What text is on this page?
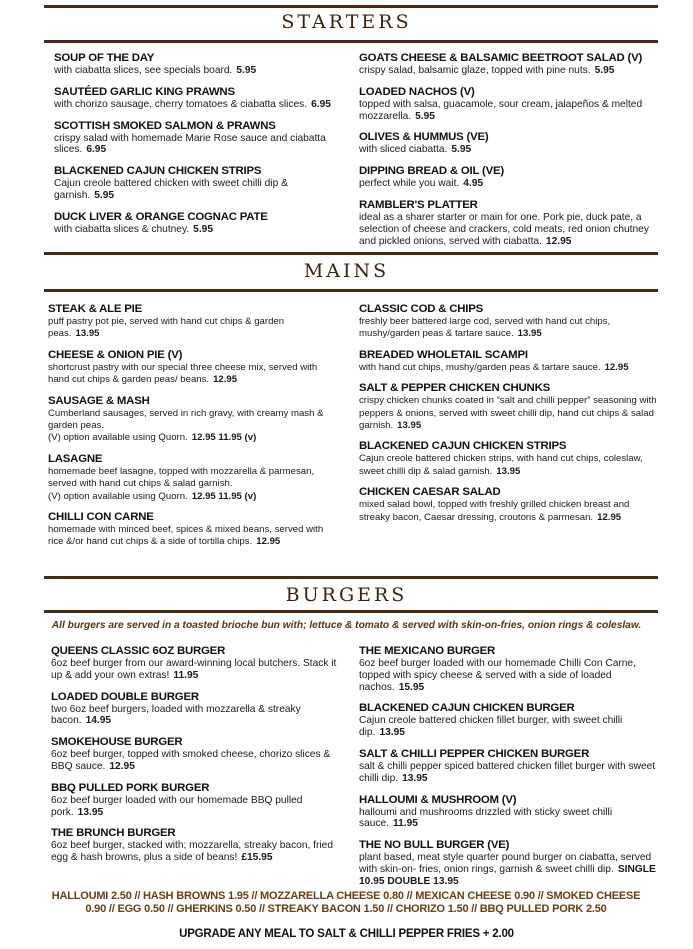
STARTERS
SOUP OF THE DAY
with ciabatta slices, see specials board. 5.95
SAUTÉED GARLIC KING PRAWNS
with chorizo sausage, cherry tomatoes & ciabatta slices. 6.95
SCOTTISH SMOKED SALMON & PRAWNS
crispy salad with homemade Marie Rose sauce and ciabatta slices. 6.95
BLACKENED CAJUN CHICKEN STRIPS
Cajun creole battered chicken with sweet chilli dip & garnish. 5.95
DUCK LIVER & ORANGE COGNAC PATE
with ciabatta slices & chutney. 5.95
GOATS CHEESE & BALSAMIC BEETROOT SALAD (V)
crispy salad, balsamic glaze, topped with pine nuts. 5.95
LOADED NACHOS (V)
topped with salsa, guacamole, sour cream, jalapeños & melted mozzarella. 5.95
OLIVES & HUMMUS (VE)
with sliced ciabatta. 5.95
DIPPING BREAD & OIL (VE)
perfect while you wait. 4.95
RAMBLER'S PLATTER
ideal as a sharer starter or main for one. Pork pie, duck pate, a selection of cheese and crackers, cold meats, red onion chutney and pickled onions, served with ciabatta. 12.95
MAINS
STEAK & ALE PIE
puff pastry pot pie, served with hand cut chips & garden peas. 13.95
CHEESE & ONION PIE (V)
shortcrust pastry with our special three cheese mix, served with hand cut chips & garden peas/ beans. 12.95
SAUSAGE & MASH
Cumberland sausages, served in rich gravy, with creamy mash & garden peas.
(V) option available using Quorn. 12.95 11.95 (v)
LASAGNE
homemade beef lasagne, topped with mozzarella & parmesan, served with hand cut chips & salad garnish.
(V) option available using Quorn. 12.95 11.95 (v)
CHILLI CON CARNE
homemade with minced beef, spices & mixed beans, served with rice &/or hand cut chips & a side of tortilla chips. 12.95
CLASSIC COD & CHIPS
freshly beer battered large cod, served with hand cut chips, mushy/garden peas & tartare sauce. 13.95
BREADED WHOLETAIL SCAMPI
with hand cut chips, mushy/garden peas & tartare sauce. 12.95
SALT & PEPPER CHICKEN CHUNKS
crispy chicken chunks coated in “salt and chilli pepper” seasoning with peppers & onions, served with sweet chilli dip, hand cut chips & salad garnish. 13.95
BLACKENED CAJUN CHICKEN STRIPS
Cajun creole battered chicken strips, with hand cut chips, coleslaw, sweet chilli dip & salad garnish. 13.95
CHICKEN CAESAR SALAD
mixed salad bowl, topped with freshly grilled chicken breast and streaky bacon, Caesar dressing, croutons & parmesan. 12.95
BURGERS
All burgers are served in a toasted brioche bun with; lettuce & tomato & served with skin-on-fries, onion rings & coleslaw.
QUEENS CLASSIC 6OZ BURGER
6oz beef burger from our award-winning local butchers. Stack it up & add your own extras! 11.95
LOADED DOUBLE BURGER
two 6oz beef burgers, loaded with mozzarella & streaky bacon. 14.95
SMOKEHOUSE BURGER
6oz beef burger, topped with smoked cheese, chorizo slices & BBQ sauce. 12.95
BBQ PULLED PORK BURGER
6oz beef burger loaded with our homemade BBQ pulled pork. 13.95
THE BRUNCH BURGER
6oz beef burger, stacked with; mozzarella, streaky bacon, fried egg & hash browns, plus a side of beans! £15.95
THE MEXICANO BURGER
6oz beef burger loaded with our homemade Chilli Con Carne, topped with spicy cheese & served with a side of loaded nachos. 15.95
BLACKENED CAJUN CHICKEN BURGER
Cajun creole battered chicken fillet burger, with sweet chilli dip. 13.95
SALT & CHILLI PEPPER CHICKEN BURGER
salt & chilli pepper spiced battered chicken fillet burger with sweet chilli dip. 13.95
HALLOUMI & MUSHROOM (V)
halloumi and mushrooms drizzled with sticky sweet chilli sauce. 11.95
THE NO BULL BURGER (VE)
plant based, meat style quarter pound burger on ciabatta, served with skin-on- fries, onion rings, garnish & sweet chilli dip. SINGLE 10.95 DOUBLE 13.95
HALLOUMI 2.50 // HASH BROWNS 1.95 // MOZZARELLA CHEESE 0.80 // MEXICAN CHEESE 0.90 // SMOKED CHEESE 0.90 // EGG 0.50 // GHERKINS 0.50 // STREAKY BACON 1.50 // CHORIZO 1.50 // BBQ PULLED PORK 2.50
UPGRADE ANY MEAL TO SALT & CHILLI PEPPER FRIES + 2.00
